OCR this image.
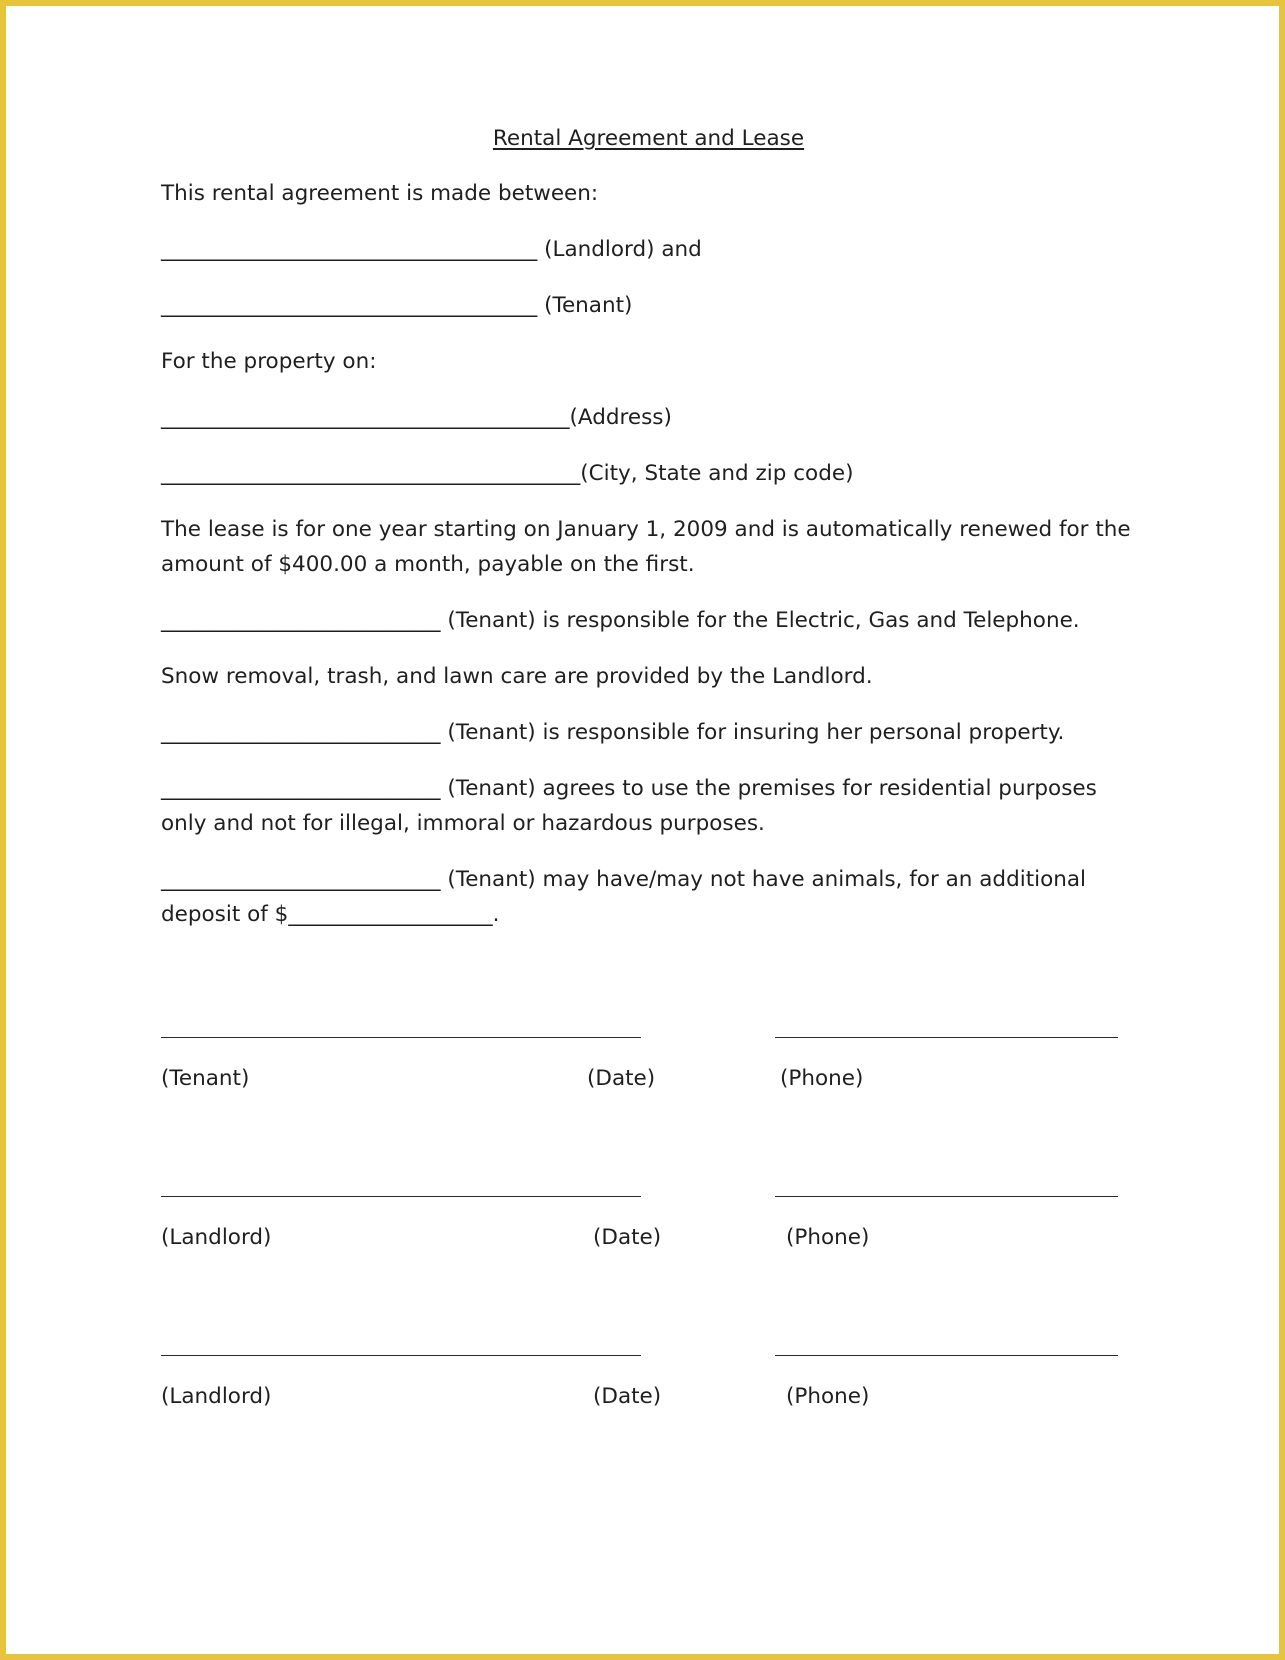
Rental Agreement and Lease
This rental agreement is made between:
___________________________________ (Landlord) and
___________________________________ (Tenant)
For the property on:
______________________________________(Address)
_______________________________________(City, State and zip code)
The lease is for one year starting on January 1, 2009 and is automatically renewed for the
amount of $400.00 a month, payable on the first.
__________________________ (Tenant) is responsible for the Electric, Gas and Telephone.
Snow removal, trash, and lawn care are provided by the Landlord.
__________________________ (Tenant) is responsible for insuring her personal property.
__________________________ (Tenant) agrees to use the premises for residential purposes
only and not for illegal, immoral or hazardous purposes.
__________________________ (Tenant) may have/may not have animals, for an additional
deposit of $___________________.
(Tenant)	(Date)	(Phone)
(Landlord)	(Date)	(Phone)
(Landlord)	(Date)	(Phone)
